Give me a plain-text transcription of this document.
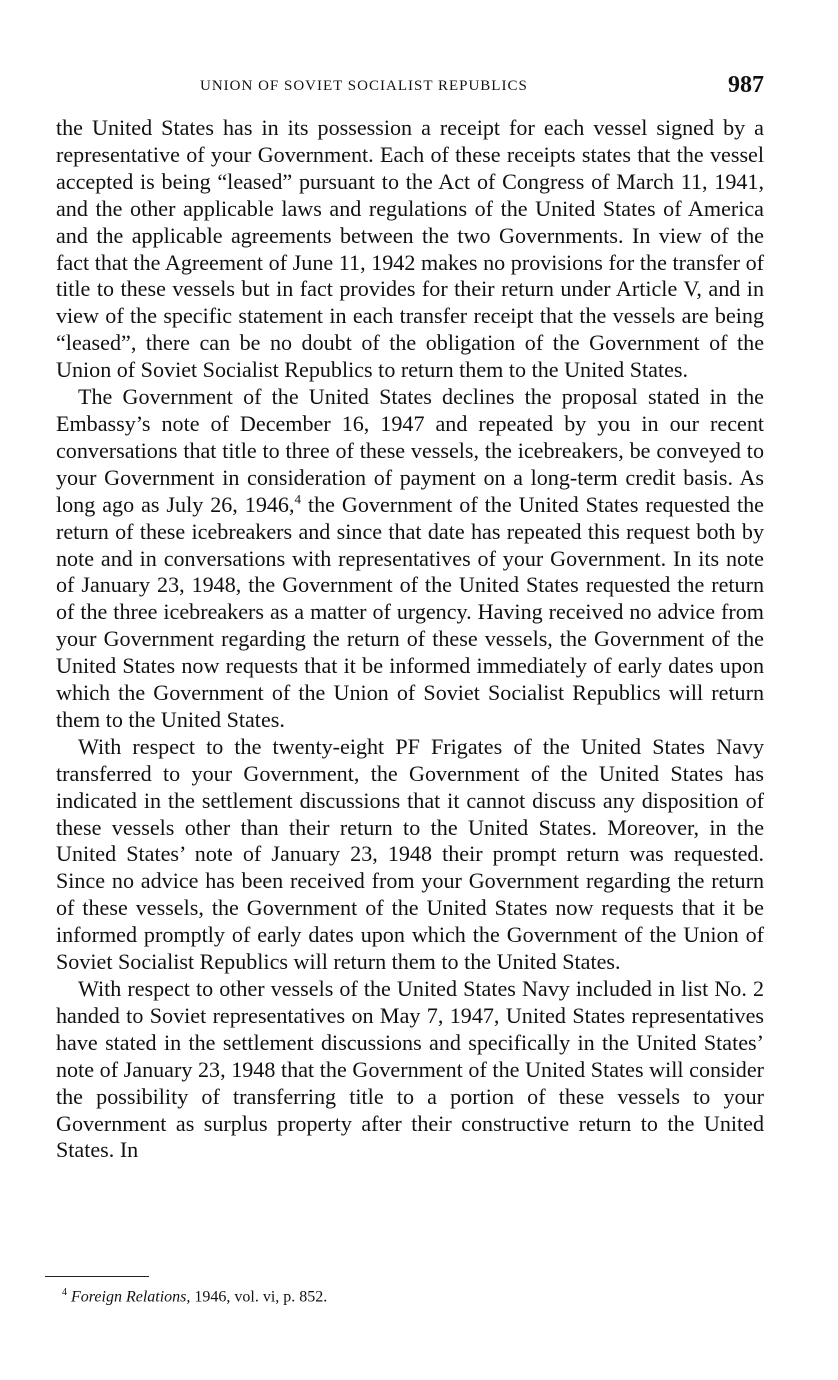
UNION OF SOVIET SOCIALIST REPUBLICS	987

the United States has in its possession a receipt for each vessel signed by a representative of your Government. Each of these receipts states that the vessel accepted is being “leased” pursuant to the Act of Congress of March 11, 1941, and the other applicable laws and regulations of the United States of America and the applicable agreements between the two Governments. In view of the fact that the Agreement of June 11, 1942 makes no provisions for the transfer of title to these vessels but in fact provides for their return under Article V, and in view of the specific statement in each transfer receipt that the vessels are being “leased”, there can be no doubt of the obligation of the Government of the Union of Soviet Socialist Republics to return them to the United States.

The Government of the United States declines the proposal stated in the Embassy’s note of December 16, 1947 and repeated by you in our recent conversations that title to three of these vessels, the icebreakers, be conveyed to your Government in consideration of payment on a long-term credit basis. As long ago as July 26, 1946,$^4$ the Government of the United States requested the return of these icebreakers and since that date has repeated this request both by note and in conversations with representatives of your Government. In its note of January 23, 1948, the Government of the United States requested the return of the three icebreakers as a matter of urgency. Having received no advice from your Government regarding the return of these vessels, the Government of the United States now requests that it be informed immediately of early dates upon which the Government of the Union of Soviet Socialist Republics will return them to the United States.

With respect to the twenty-eight PF Frigates of the United States Navy transferred to your Government, the Government of the United States has indicated in the settlement discussions that it cannot discuss any disposition of these vessels other than their return to the United States. Moreover, in the United States’ note of January 23, 1948 their prompt return was requested. Since no advice has been received from your Government regarding the return of these vessels, the Government of the United States now requests that it be informed promptly of early dates upon which the Government of the Union of Soviet Socialist Republics will return them to the United States.

With respect to other vessels of the United States Navy included in list No. 2 handed to Soviet representatives on May 7, 1947, United States representatives have stated in the settlement discussions and specifically in the United States’ note of January 23, 1948 that the Government of the United States will consider the possibility of transferring title to a portion of these vessels to your Government as surplus property after their constructive return to the United States. In

$^4$ Foreign Relations, 1946, vol. vi, p. 852.
